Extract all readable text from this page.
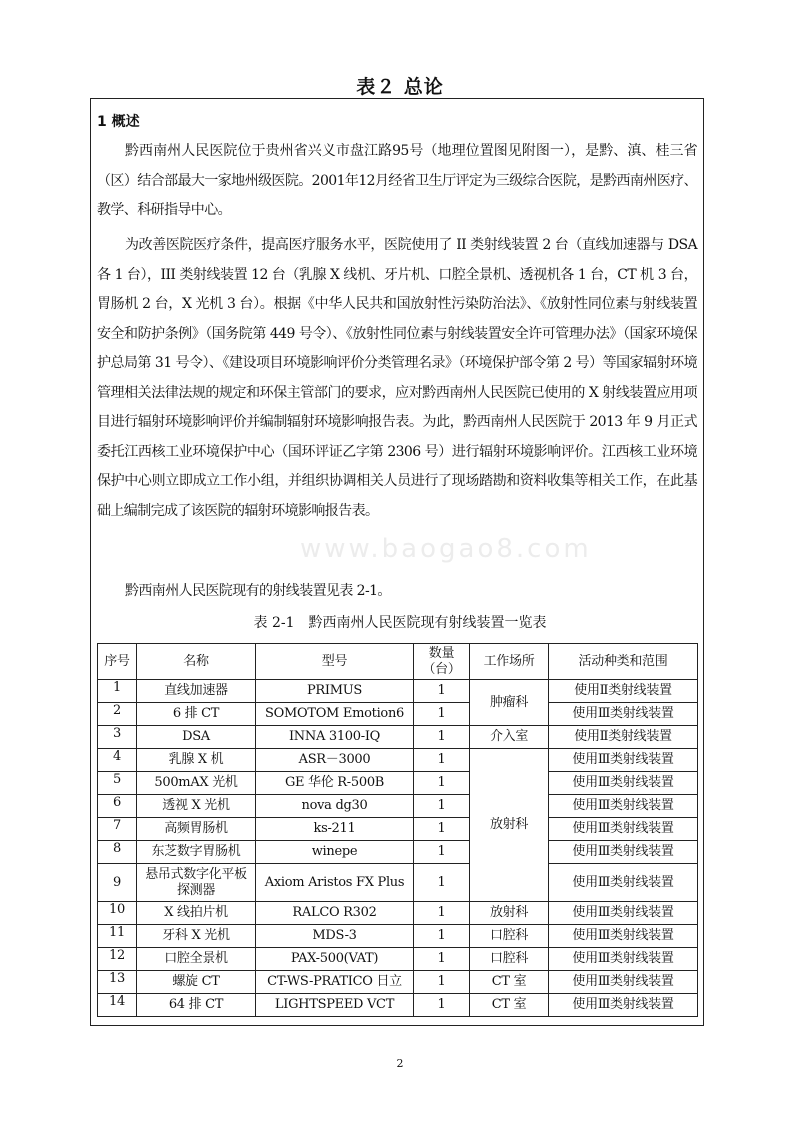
表２ 总论
www.baogao8.com
1 概述

黔西南州人民医院位于贵州省兴义市盘江路95号（地理位置图见附图一），是黔、滇、桂三省（区）结合部最大一家地州级医院。2001年12月经省卫生厅评定为三级综合医院，是黔西南州医疗、教学、科研指导中心。

为改善医院医疗条件，提高医疗服务水平，医院使用了 II 类射线装置 2 台（直线加速器与 DSA 各 1 台），III 类射线装置 12 台（乳腺 X 线机、牙片机、口腔全景机、透视机各 1 台，CT 机 3 台，胃肠机 2 台，X 光机 3 台）。根据《中华人民共和国放射性污染防治法》、《放射性同位素与射线装置安全和防护条例》（国务院第 449 号令）、《放射性同位素与射线装置安全许可管理办法》（国家环境保护总局第 31 号令）、《建设项目环境影响评价分类管理名录》（环境保护部令第 2 号）等国家辐射环境管理相关法律法规的规定和环保主管部门的要求，应对黔西南州人民医院已使用的 X 射线装置应用项目进行辐射环境影响评价并编制辐射环境影响报告表。为此，黔西南州人民医院于 2013 年 9 月正式委托江西核工业环境保护中心（国环评证乙字第 2306 号）进行辐射环境影响评价。江西核工业环境保护中心则立即成立工作小组，并组织协调相关人员进行了现场踏勘和资料收集等相关工作，在此基础上编制完成了该医院的辐射环境影响报告表。

黔西南州人民医院现有的射线装置见表 2-1。

表 2-1　黔西南州人民医院现有射线装置一览表
序号	名称	型号	数量（台）	工作场所	活动种类和范围
1	直线加速器	PRIMUS	1	肿瘤科	使用Ⅱ类射线装置
2	6 排 CT	SOMOTOM Emotion6	1		使用Ⅲ类射线装置
3	DSA	INNA 3100-IQ	1	介入室	使用Ⅱ类射线装置
4	乳腺 X 机	ASR－3000	1	放射科	使用Ⅲ类射线装置
5	500mAX 光机	GE 华伦 R-500B	1		使用Ⅲ类射线装置
6	透视 X 光机	nova dg30	1		使用Ⅲ类射线装置
7	高频胃肠机	ks-211	1		使用Ⅲ类射线装置
8	东芝数字胃肠机	winepe	1		使用Ⅲ类射线装置
9	悬吊式数字化平板探测器	Axiom Aristos FX Plus	1		使用Ⅲ类射线装置
10	X 线拍片机	RALCO R302	1	放射科	使用Ⅲ类射线装置
11	牙科 X 光机	MDS-3	1	口腔科	使用Ⅲ类射线装置
12	口腔全景机	PAX-500(VAT)	1	口腔科	使用Ⅲ类射线装置
13	螺旋 CT	CT-WS-PRATICO 日立	1	CT 室	使用Ⅲ类射线装置
14	64 排 CT	LIGHTSPEED VCT	1	CT 室	使用Ⅲ类射线装置
2
